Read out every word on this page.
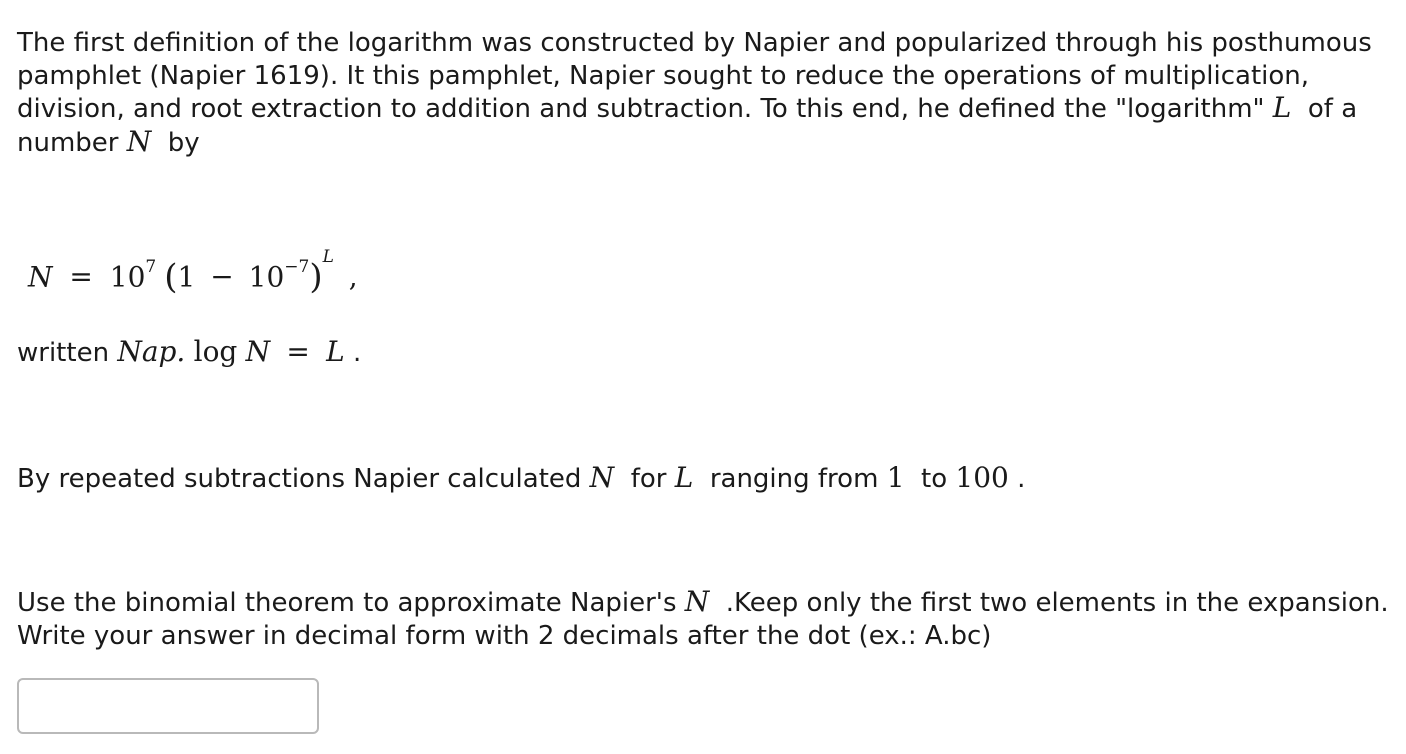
The first definition of the logarithm was constructed by Napier and popularized through his posthumous
pamphlet (Napier 1619). It this pamphlet, Napier sought to reduce the operations of multiplication,
division, and root extraction to addition and subtraction. To this end, he defined the "logarithm" L of a
number N by
$N = 10^7$ $(1 - 10^{-7})^L$ ,
written Nap. log N = L .
By repeated subtractions Napier calculated N for L ranging from 1 to 100 .
Use the binomial theorem to approximate Napier's N .Keep only the first two elements in the expansion.
Write your answer in decimal form with 2 decimals after the dot (ex.: A.bc)
